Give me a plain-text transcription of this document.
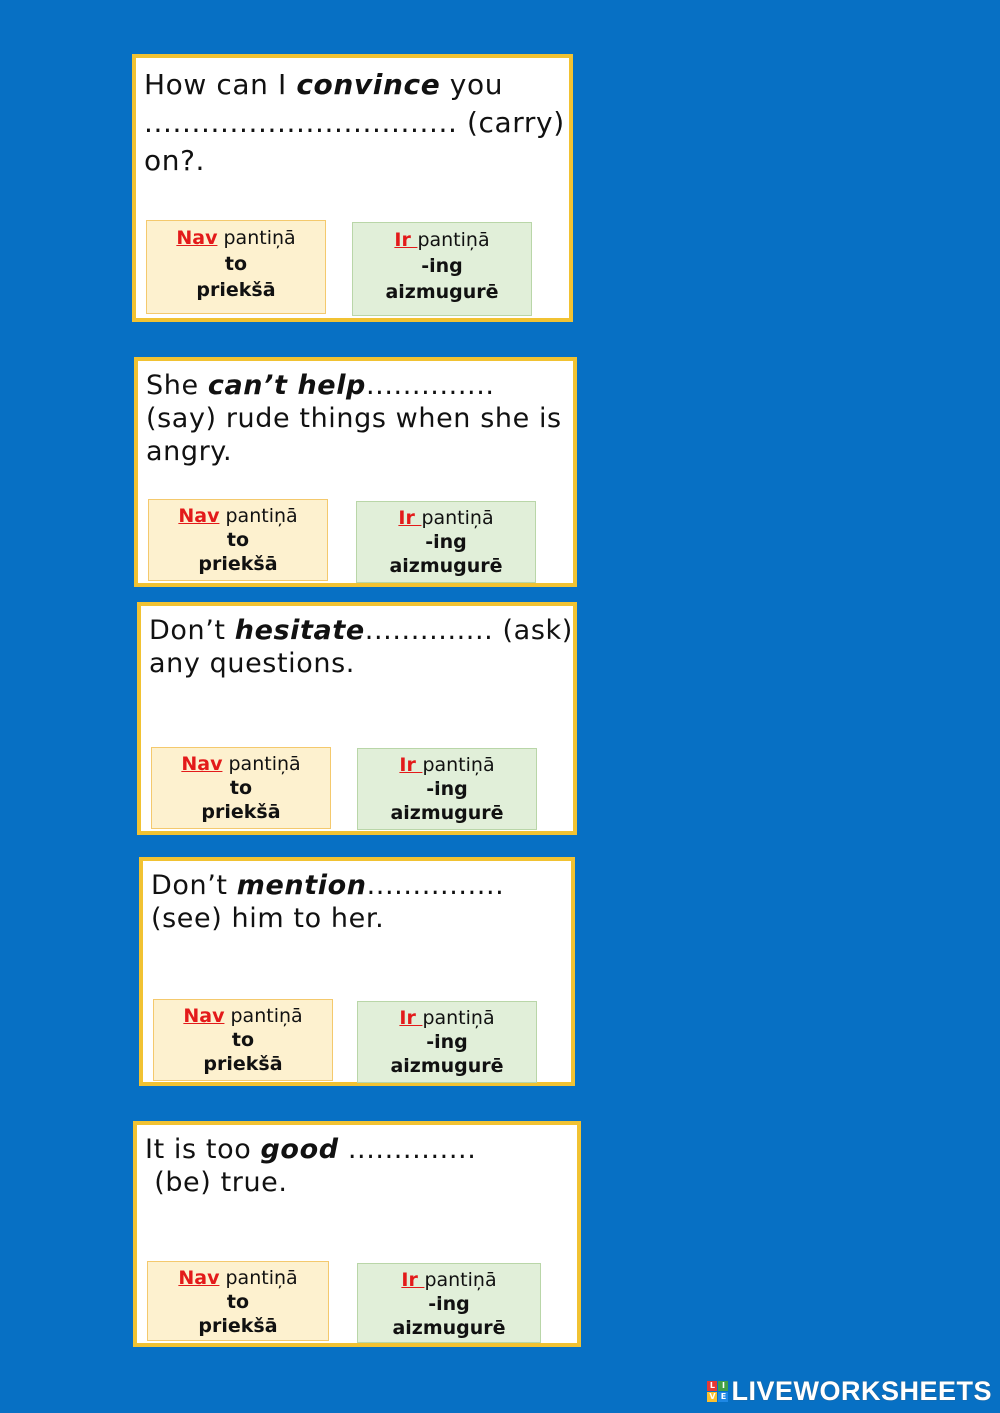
How can I convince you ................................. (carry) on?.
Nav pantiņā
to
priekšā
Ir pantiņā
-ing
aizmugurē
She can’t help.............. (say) rude things when she is angry.
Nav pantiņā
to
priekšā
Ir pantiņā
-ing
aizmugurē
Don’t hesitate.............. (ask) any questions.
Nav pantiņā
to
priekšā
Ir pantiņā
-ing
aizmugurē
Don’t mention............... (see) him to her.
Nav pantiņā
to
priekšā
Ir pantiņā
-ing
aizmugurē
It is too good ..............
(be) true.
Nav pantiņā
to
priekšā
Ir pantiņā
-ing
aizmugurē
L I
V E LIVEWORKSHEETS
